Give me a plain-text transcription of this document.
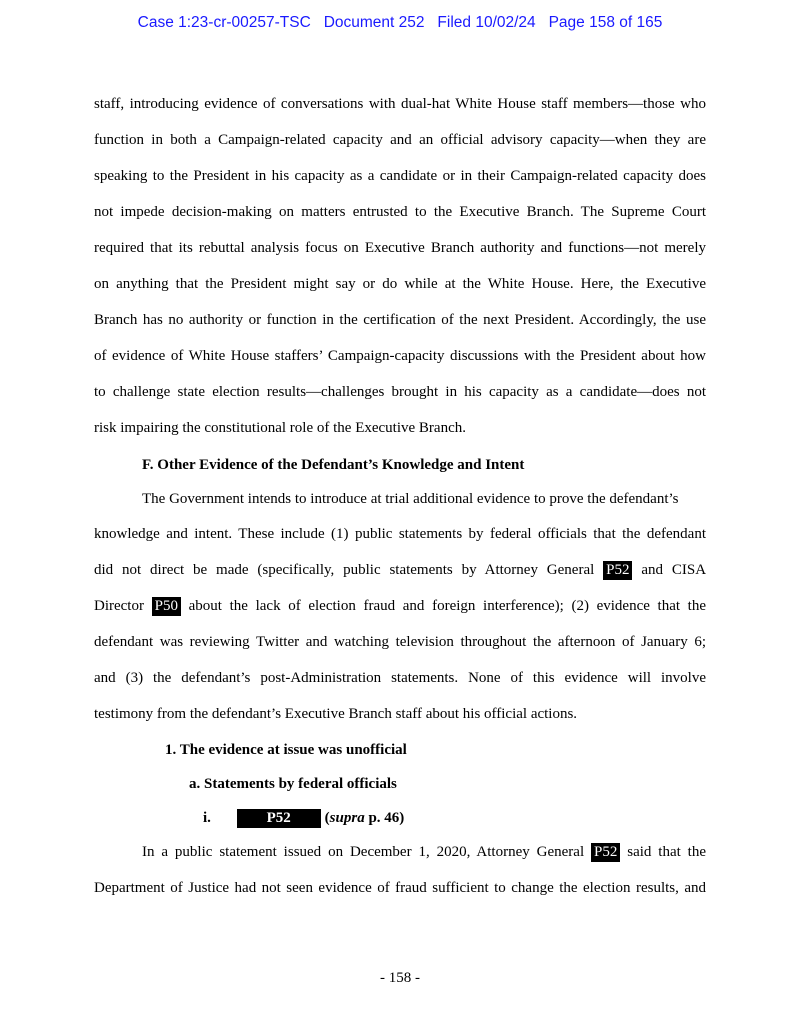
Case 1:23-cr-00257-TSC   Document 252   Filed 10/02/24   Page 158 of 165
staff, introducing evidence of conversations with dual-hat White House staff members—those who
function in both a Campaign-related capacity and an official advisory capacity—when they are
speaking to the President in his capacity as a candidate or in their Campaign-related capacity does
not impede decision-making on matters entrusted to the Executive Branch. The Supreme Court
required that its rebuttal analysis focus on Executive Branch authority and functions—not merely
on anything that the President might say or do while at the White House. Here, the Executive
Branch has no authority or function in the certification of the next President. Accordingly, the use
of evidence of White House staffers’ Campaign-capacity discussions with the President about how
to challenge state election results—challenges brought in his capacity as a candidate—does not
risk impairing the constitutional role of the Executive Branch.
F. Other Evidence of the Defendant’s Knowledge and Intent
The Government intends to introduce at trial additional evidence to prove the defendant’s
knowledge and intent. These include (1) public statements by federal officials that the defendant
did not direct be made (specifically, public statements by Attorney General P52 and CISA
Director P50 about the lack of election fraud and foreign interference); (2) evidence that the
defendant was reviewing Twitter and watching television throughout the afternoon of January 6;
and (3) the defendant’s post-Administration statements. None of this evidence will involve
testimony from the defendant’s Executive Branch staff about his official actions.
1. The evidence at issue was unofficial
a. Statements by federal officials
i.	P52 (supra p. 46)
In a public statement issued on December 1, 2020, Attorney General P52 said that the
Department of Justice had not seen evidence of fraud sufficient to change the election results, and
- 158 -
